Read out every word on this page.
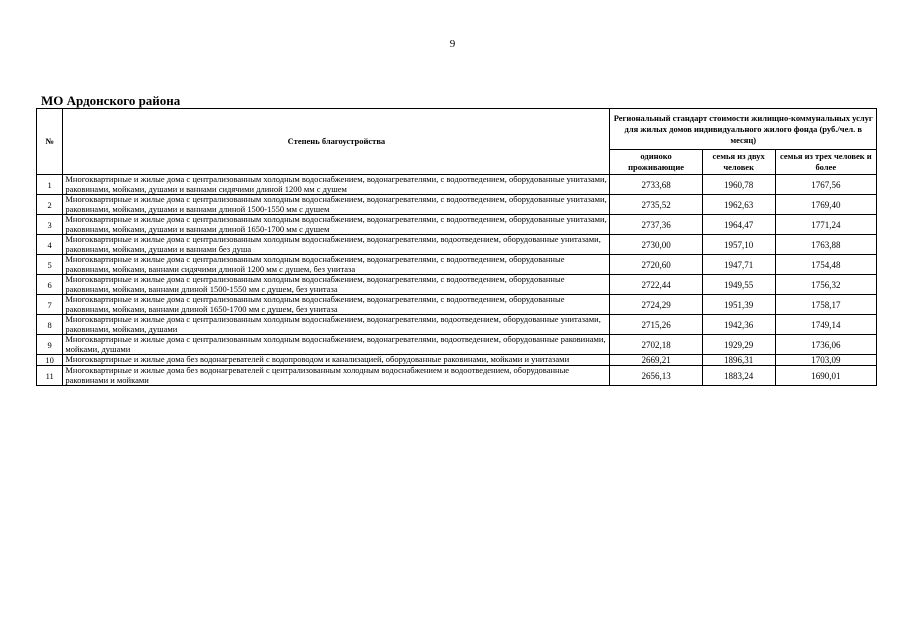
9
МО Ардонского района
№	Степень благоустройства	Региональный стандарт стоимости жилищно-коммунальных услуг для жилых домов индивидуального жилого фонда (руб./чел. в месяц)		
		одиноко проживающие	семья из двух человек	семья из трех человек и более
1	Многоквартирные и жилые дома с централизованным холодным водоснабжением, водонагревателями, с водоотведением, оборудованные унитазами, раковинами, мойками, душами и ваннами сидячими длиной 1200 мм с душем	2733,68	1960,78	1767,56
2	Многоквартирные и жилые дома с централизованным холодным водоснабжением, водонагревателями, с водоотведением, оборудованные унитазами, раковинами, мойками, душами и ваннами длиной 1500-1550 мм с душем	2735,52	1962,63	1769,40
3	Многоквартирные и жилые дома с централизованным холодным водоснабжением, водонагревателями, с водоотведением, оборудованные унитазами, раковинами, мойками, душами и ваннами длиной 1650-1700 мм с душем	2737,36	1964,47	1771,24
4	Многоквартирные и жилые дома с централизованным холодным водоснабжением, водонагревателями, водоотведением, оборудованные унитазами, раковинами, мойками, душами и ваннами без душа	2730,00	1957,10	1763,88
5	Многоквартирные и жилые дома с централизованным холодным водоснабжением, водонагревателями, с водоотведением, оборудованные раковинами, мойками, ваннами сидячими длиной 1200 мм с душем, без унитаза	2720,60	1947,71	1754,48
6	Многоквартирные и жилые дома с централизованным холодным водоснабжением, водонагревателями, с водоотведением, оборудованные раковинами, мойками, ваннами длиной 1500-1550 мм с душем, без унитаза	2722,44	1949,55	1756,32
7	Многоквартирные и жилые дома с централизованным холодным водоснабжением, водонагревателями, с водоотведением, оборудованные раковинами, мойками, ваннами длиной 1650-1700 мм с душем, без унитаза	2724,29	1951,39	1758,17
8	Многоквартирные и жилые дома с централизованным холодным водоснабжением, водонагревателями, водоотведением, оборудованные унитазами, раковинами, мойками, душами	2715,26	1942,36	1749,14
9	Многоквартирные и жилые дома с централизованным холодным водоснабжением, водонагревателями, водоотведением, оборудованные раковинами, мойками, душами	2702,18	1929,29	1736,06
10	Многоквартирные и жилые дома без водонагревателей с водопроводом и канализацией, оборудованные раковинами, мойками и унитазами	2669,21	1896,31	1703,09
11	Многоквартирные и жилые дома без водонагревателей с централизованным холодным водоснабжением и водоотведением, оборудованные раковинами и мойками	2656,13	1883,24	1690,01
